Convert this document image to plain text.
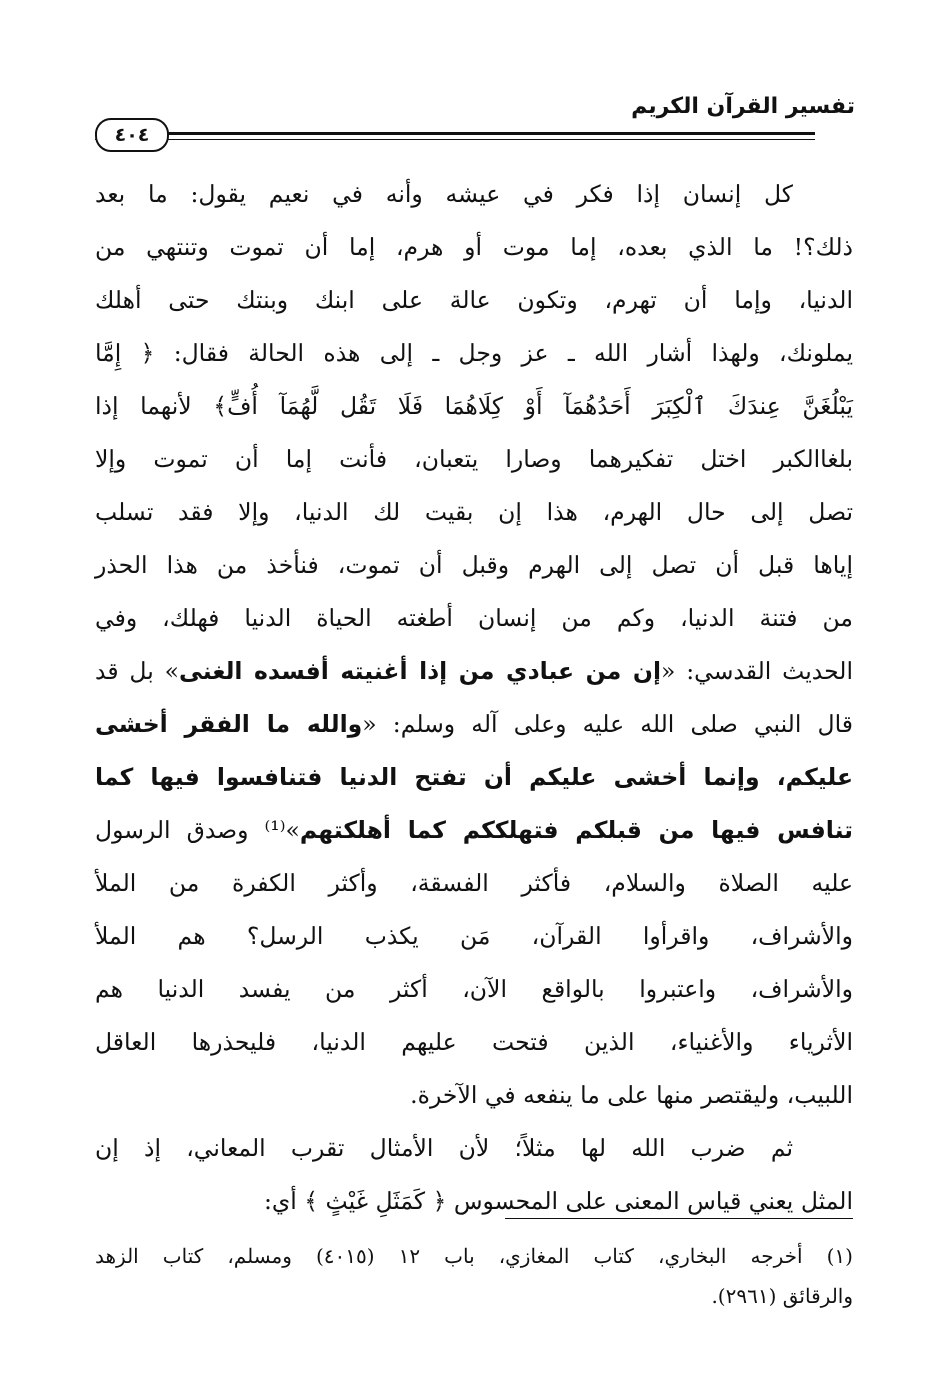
تفسير القرآن الكريم
٤٠٤

كل إنسان إذا فكر في عيشه وأنه في نعيم يقول: ما بعد
ذلك؟! ما الذي بعده، إما موت أو هرم، إما أن تموت وتنتهي من
الدنيا، وإما أن تهرم، وتكون عالة على ابنك وبنتك حتى أهلك
يملونك، ولهذا أشار الله ـ عز وجل ـ إلى هذه الحالة فقال: ﴿ إِمَّا
يَبْلُغَنَّ عِندَكَ ٱلْكِبَرَ أَحَدُهُمَآ أَوْ كِلَاهُمَا فَلَا تَقُل لَّهُمَآ أُفٍّ﴾ لأنهما إذا
بلغاالكبر اختل تفكيرهما وصارا يتعبان، فأنت إما أن تموت وإلا
تصل إلى حال الهرم، هذا إن بقيت لك الدنيا، وإلا فقد تسلب
إياها قبل أن تصل إلى الهرم وقبل أن تموت، فنأخذ من هذا الحذر
من فتنة الدنيا، وكم من إنسان أطغته الحياة الدنيا فهلك، وفي
الحديث القدسي: «إن من عبادي من إذا أغنيته أفسده الغنى» بل قد
قال النبي صلى الله عليه وعلى آله وسلم: «والله ما الفقر أخشى
عليكم، وإنما أخشى عليكم أن تفتح الدنيا فتنافسوا فيها كما
تنافس فيها من قبلكم فتهلككم كما أهلكتهم»⁽¹⁾ وصدق الرسول
عليه الصلاة والسلام، فأكثر الفسقة، وأكثر الكفرة من الملأ
والأشراف، واقرأوا القرآن، مَن يكذب الرسل؟ هم الملأ
والأشراف، واعتبروا بالواقع الآن، أكثر من يفسد الدنيا هم
الأثرياء والأغنياء، الذين فتحت عليهم الدنيا، فليحذرها العاقل
اللبيب، وليقتصر منها على ما ينفعه في الآخرة.

ثم ضرب الله لها مثلاً؛ لأن الأمثال تقرب المعاني، إذ إن
المثل يعني قياس المعنى على المحسوس ﴿ كَمَثَلِ غَيْثٍ ﴾ أي:

(١) أخرجه البخاري، كتاب المغازي، باب ١٢ (٤٠١٥) ومسلم، كتاب الزهد
والرقائق (٢٩٦١).
